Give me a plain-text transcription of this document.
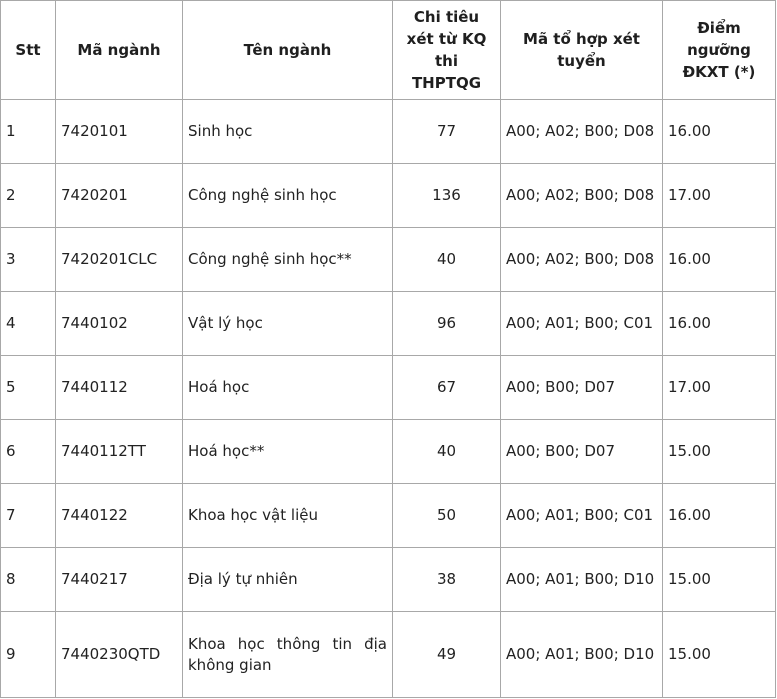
Stt	Mã ngành	Tên ngành	Chi tiêu xét từ KQ thi THPTQG	Mã tổ hợp xét tuyển	Điểm ngưỡng ĐKXT (*)
1	7420101	Sinh học	77	A00; A02; B00; D08	16.00
2	7420201	Công nghệ sinh học	136	A00; A02; B00; D08	17.00
3	7420201CLC	Công nghệ sinh học**	40	A00; A02; B00; D08	16.00
4	7440102	Vật lý học	96	A00; A01; B00; C01	16.00
5	7440112	Hoá học	67	A00; B00; D07	17.00
6	7440112TT	Hoá học**	40	A00; B00; D07	15.00
7	7440122	Khoa học vật liệu	50	A00; A01; B00; C01	16.00
8	7440217	Địa lý tự nhiên	38	A00; A01; B00; D10	15.00
9	7440230QTD	Khoa học thông tin địa không gian	49	A00; A01; B00; D10	15.00
